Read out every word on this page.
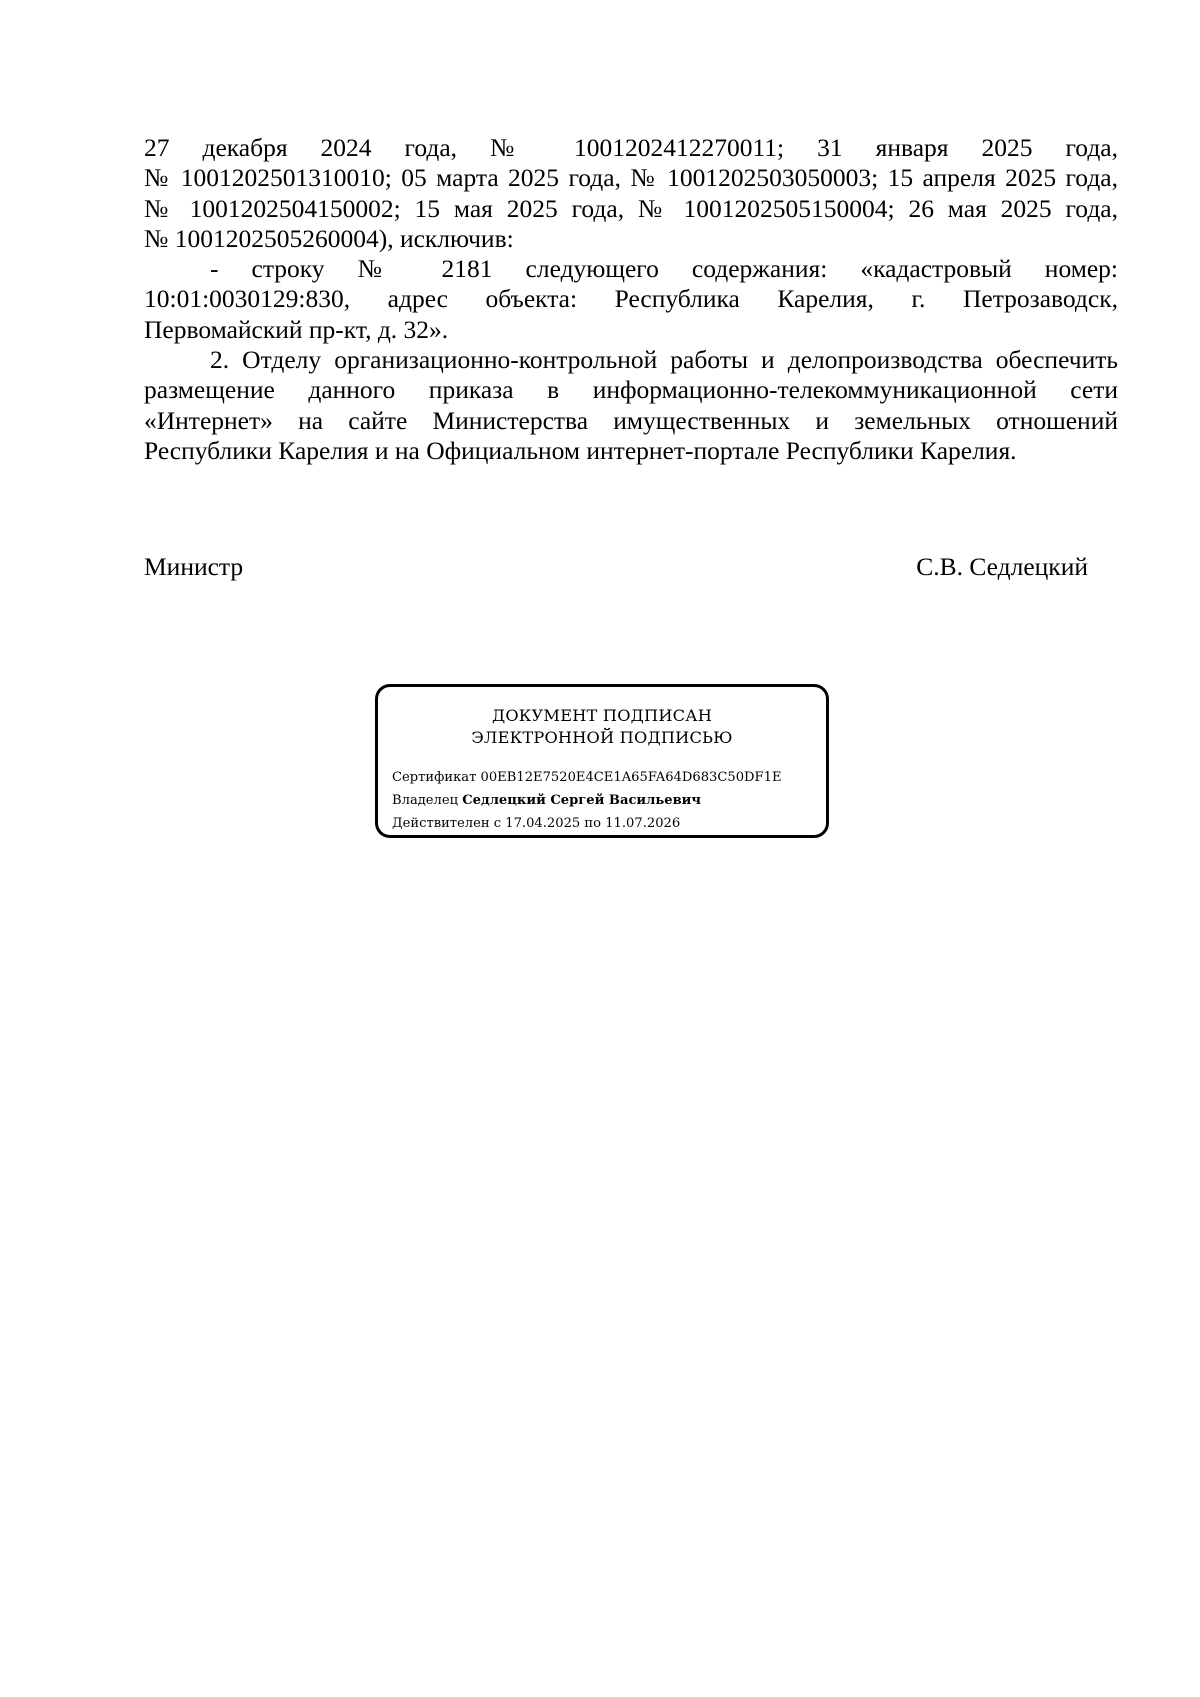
27 декабря 2024 года, № 1001202412270011; 31 января 2025 года,
№ 1001202501310010; 05 марта 2025 года, № 1001202503050003; 15 апреля 2025 года,
№ 1001202504150002; 15 мая 2025 года, № 1001202505150004; 26 мая 2025 года,
№ 1001202505260004), исключив:
- строку № 2181 следующего содержания: «кадастровый номер:
10:01:0030129:830, адрес объекта: Республика Карелия, г. Петрозаводск,
Первомайский пр-кт, д. 32».
2. Отделу организационно-контрольной работы и делопроизводства обеспечить
размещение данного приказа в информационно-телекоммуникационной сети
«Интернет» на сайте Министерства имущественных и земельных отношений
Республики Карелия и на Официальном интернет-портале Республики Карелия.
Министр	С.В. Седлецкий
ДОКУМЕНТ ПОДПИСАН
ЭЛЕКТРОННОЙ ПОДПИСЬЮ
Сертификат 00EB12E7520E4CE1A65FA64D683C50DF1E
Владелец Седлецкий Сергей Васильевич
Действителен с 17.04.2025 по 11.07.2026
